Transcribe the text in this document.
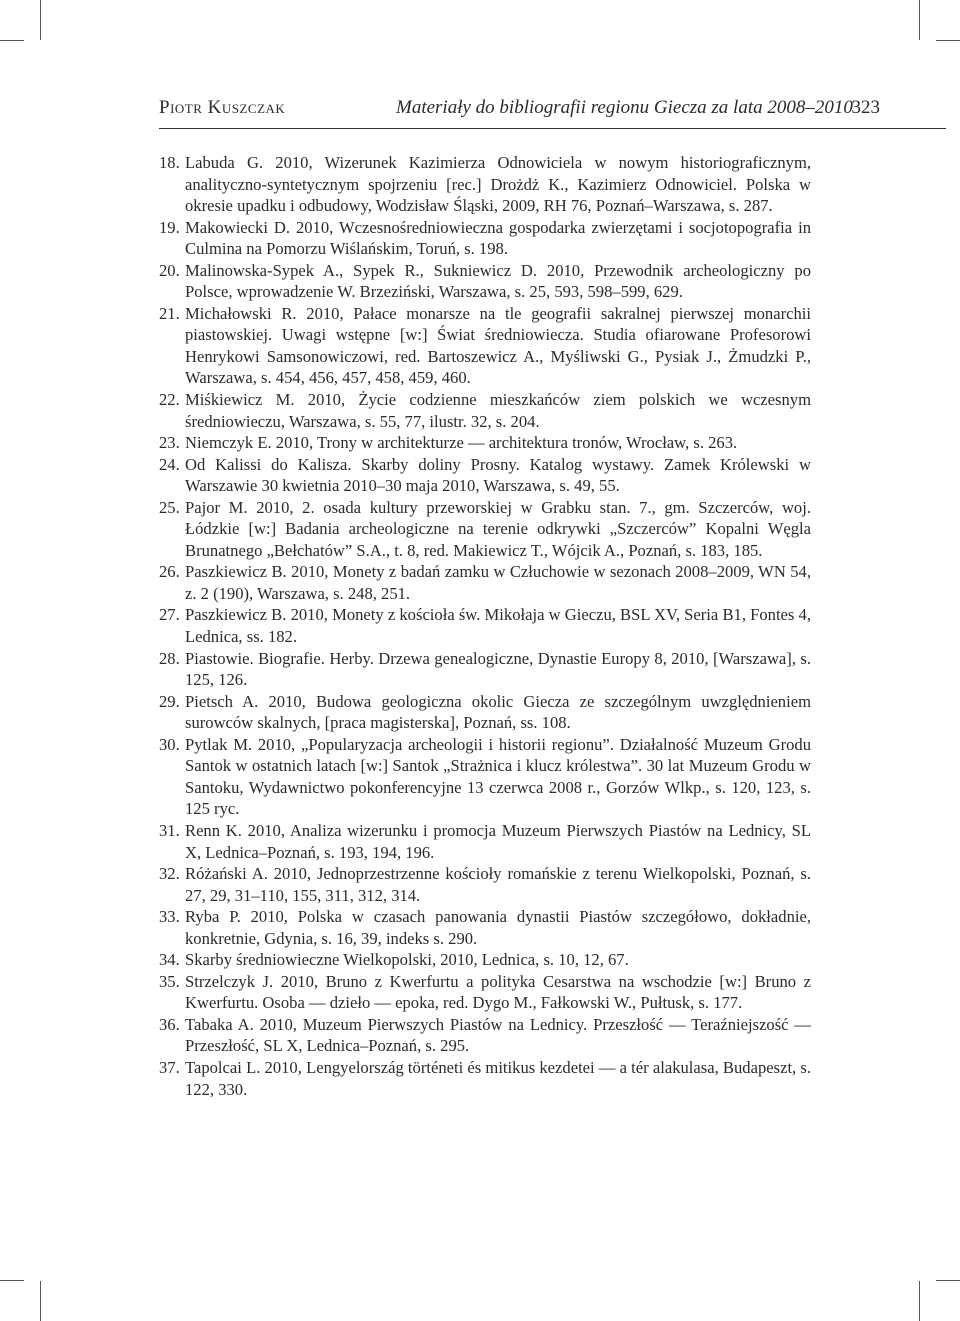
Piotr Kuszczak	Materiały do bibliografii regionu Giecza za lata 2008–2010
323
18. Labuda G. 2010, Wizerunek Kazimierza Odnowiciela w nowym historiograficznym, analityczno-syntetycznym spojrzeniu [rec.] Drożdż K., Kazimierz Odnowiciel. Polska w okresie upadku i odbudowy, Wodzisław Śląski, 2009, RH 76, Poznań–Warszawa, s. 287.
19. Makowiecki D. 2010, Wczesnośredniowieczna gospodarka zwierzętami i socjotopografia in Culmina na Pomorzu Wiślańskim, Toruń, s. 198.
20. Malinowska-Sypek A., Sypek R., Sukniewicz D. 2010, Przewodnik archeologiczny po Polsce, wprowadzenie W. Brzeziński, Warszawa, s. 25, 593, 598–599, 629.
21. Michałowski R. 2010, Pałace monarsze na tle geografii sakralnej pierwszej monarchii piastowskiej. Uwagi wstępne [w:] Świat średniowiecza. Studia ofiarowane Profesorowi Henrykowi Samsonowiczowi, red. Bartoszewicz A., Myśliwski G., Pysiak J., Żmudzki P., Warszawa, s. 454, 456, 457, 458, 459, 460.
22. Miśkiewicz M. 2010, Życie codzienne mieszkańców ziem polskich we wczesnym średniowieczu, Warszawa, s. 55, 77, ilustr. 32, s. 204.
23. Niemczyk E. 2010, Trony w architekturze — architektura tronów, Wrocław, s. 263.
24. Od Kalissi do Kalisza. Skarby doliny Prosny. Katalog wystawy. Zamek Królewski w Warszawie 30 kwietnia 2010–30 maja 2010, Warszawa, s. 49, 55.
25. Pajor M. 2010, 2. osada kultury przeworskiej w Grabku stan. 7., gm. Szczerców, woj. Łódzkie [w:] Badania archeologiczne na terenie odkrywki „Szczerców” Kopalni Węgla Brunatnego „Bełchatów” S.A., t. 8, red. Makiewicz T., Wójcik A., Poznań, s. 183, 185.
26. Paszkiewicz B. 2010, Monety z badań zamku w Człuchowie w sezonach 2008–2009, WN 54, z. 2 (190), Warszawa, s. 248, 251.
27. Paszkiewicz B. 2010, Monety z kościoła św. Mikołaja w Gieczu, BSL XV, Seria B1, Fontes 4, Lednica, ss. 182.
28. Piastowie. Biografie. Herby. Drzewa genealogiczne, Dynastie Europy 8, 2010, [Warszawa], s. 125, 126.
29. Pietsch A. 2010, Budowa geologiczna okolic Giecza ze szczególnym uwzględnieniem surowców skalnych, [praca magisterska], Poznań, ss. 108.
30. Pytlak M. 2010, „Popularyzacja archeologii i historii regionu”. Działalność Muzeum Grodu Santok w ostatnich latach [w:] Santok „Strażnica i klucz królestwa”. 30 lat Muzeum Grodu w Santoku, Wydawnictwo pokonferencyjne 13 czerwca 2008 r., Gorzów Wlkp., s. 120, 123, s. 125 ryc.
31. Renn K. 2010, Analiza wizerunku i promocja Muzeum Pierwszych Piastów na Lednicy, SL X, Lednica–Poznań, s. 193, 194, 196.
32. Różański A. 2010, Jednoprzestrzenne kościoły romańskie z terenu Wielkopolski, Poznań, s. 27, 29, 31–110, 155, 311, 312, 314.
33. Ryba P. 2010, Polska w czasach panowania dynastii Piastów szczegółowo, dokładnie, konkretnie, Gdynia, s. 16, 39, indeks s. 290.
34. Skarby średniowieczne Wielkopolski, 2010, Lednica, s. 10, 12, 67.
35. Strzelczyk J. 2010, Bruno z Kwerfurtu a polityka Cesarstwa na wschodzie [w:] Bruno z Kwerfurtu. Osoba — dzieło — epoka, red. Dygo M., Fałkowski W., Pułtusk, s. 177.
36. Tabaka A. 2010, Muzeum Pierwszych Piastów na Lednicy. Przeszłość — Teraźniejszość — Przeszłość, SL X, Lednica–Poznań, s. 295.
37. Tapolcai L. 2010, Lengyelország történeti és mitikus kezdetei — a tér alakulasa, Budapeszt, s. 122, 330.
